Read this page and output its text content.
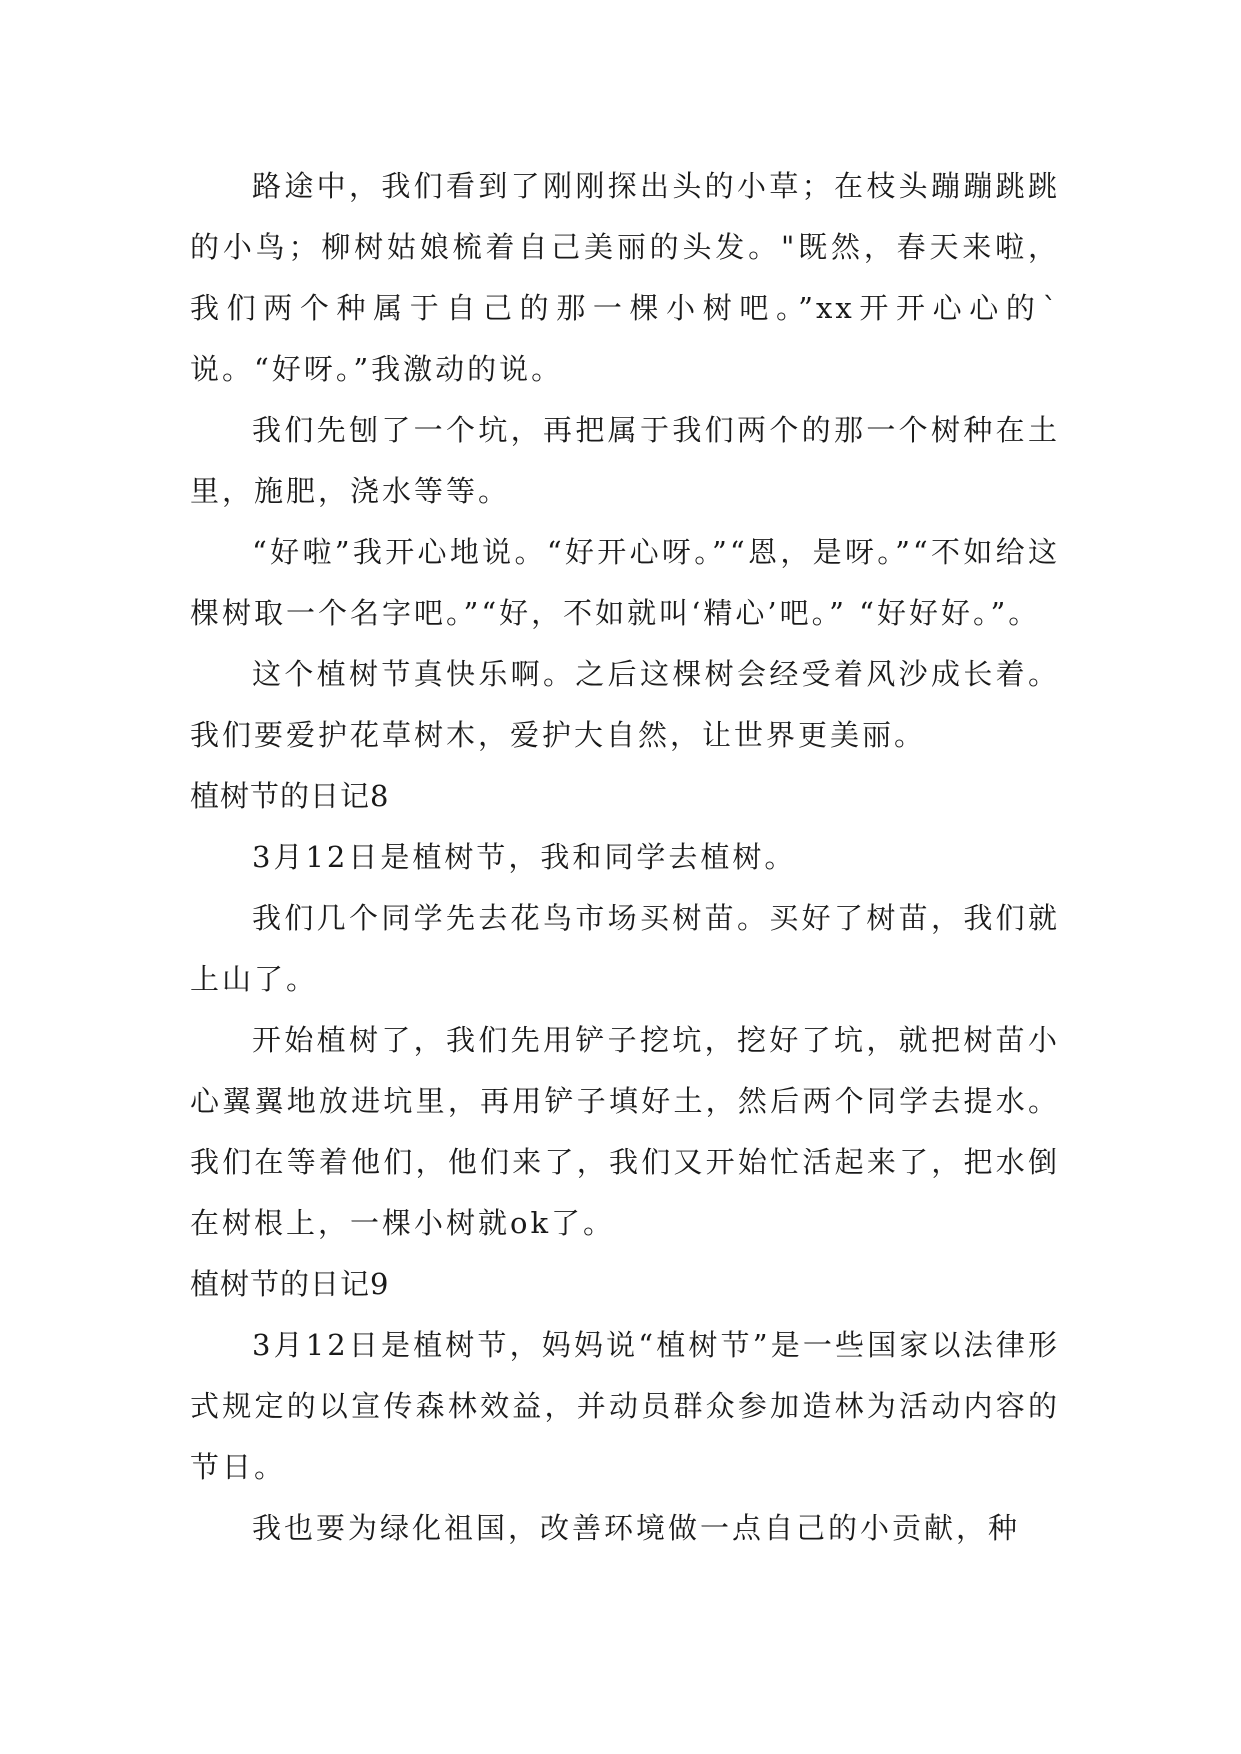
路途中，我们看到了刚刚探出头的小草；在枝头蹦蹦跳跳的小鸟；柳树姑娘梳着自己美丽的头发。"既然，春天来啦，我们两个种属于自己的那一棵小树吧。”xx开开心心的`说。“好呀。”我激动的说。

我们先刨了一个坑，再把属于我们两个的那一个树种在土里，施肥，浇水等等。

“好啦”我开心地说。“好开心呀。”“恩，是呀。”“不如给这棵树取一个名字吧。”“好，不如就叫‘精心’吧。” “好好好。”。

这个植树节真快乐啊。之后这棵树会经受着风沙成长着。我们要爱护花草树木，爱护大自然，让世界更美丽。

植树节的日记8

3月12日是植树节，我和同学去植树。

我们几个同学先去花鸟市场买树苗。买好了树苗，我们就上山了。

开始植树了，我们先用铲子挖坑，挖好了坑，就把树苗小心翼翼地放进坑里，再用铲子填好土，然后两个同学去提水。我们在等着他们，他们来了，我们又开始忙活起来了，把水倒在树根上，一棵小树就ok了。

植树节的日记9

3月12日是植树节，妈妈说“植树节”是一些国家以法律形式规定的以宣传森林效益，并动员群众参加造林为活动内容的节日。

我也要为绿化祖国，改善环境做一点自己的小贡献，种
